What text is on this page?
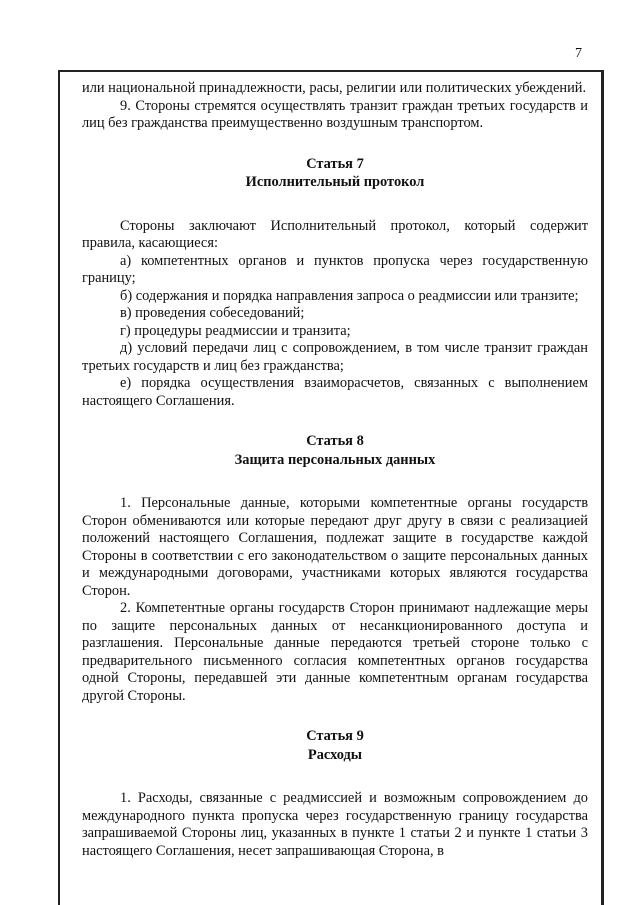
7

или национальной принадлежности, расы, религии или политических убеждений.

9. Стороны стремятся осуществлять транзит граждан третьих государств и лиц без гражданства преимущественно воздушным транспортом.

Статья 7

Исполнительный протокол

Стороны заключают Исполнительный протокол, который содержит правила, касающиеся:

а) компетентных органов и пунктов пропуска через государственную границу;

б) содержания и порядка направления запроса о реадмиссии или транзите;

в) проведения собеседований;

г) процедуры реадмиссии и транзита;

д) условий передачи лиц с сопровождением, в том числе транзит граждан третьих государств и лиц без гражданства;

е) порядка осуществления взаиморасчетов, связанных с выполнением настоящего Соглашения.

Статья 8

Защита персональных данных

1. Персональные данные, которыми компетентные органы государств Сторон обмениваются или которые передают друг другу в связи с реализацией положений настоящего Соглашения, подлежат защите в государстве каждой Стороны в соответствии с его законодательством о защите персональных данных и международными договорами, участниками которых являются государства Сторон.

2. Компетентные органы государств Сторон принимают надлежащие меры по защите персональных данных от несанкционированного доступа и разглашения. Персональные данные передаются третьей стороне только с предварительного письменного согласия компетентных органов государства одной Стороны, передавшей эти данные компетентным органам государства другой Стороны.

Статья 9

Расходы

1. Расходы, связанные с реадмиссией и возможным сопровождением до международного пункта пропуска через государственную границу государства запрашиваемой Стороны лиц, указанных в пункте 1 статьи 2 и пункте 1 статьи 3 настоящего Соглашения, несет запрашивающая Сторона, в
